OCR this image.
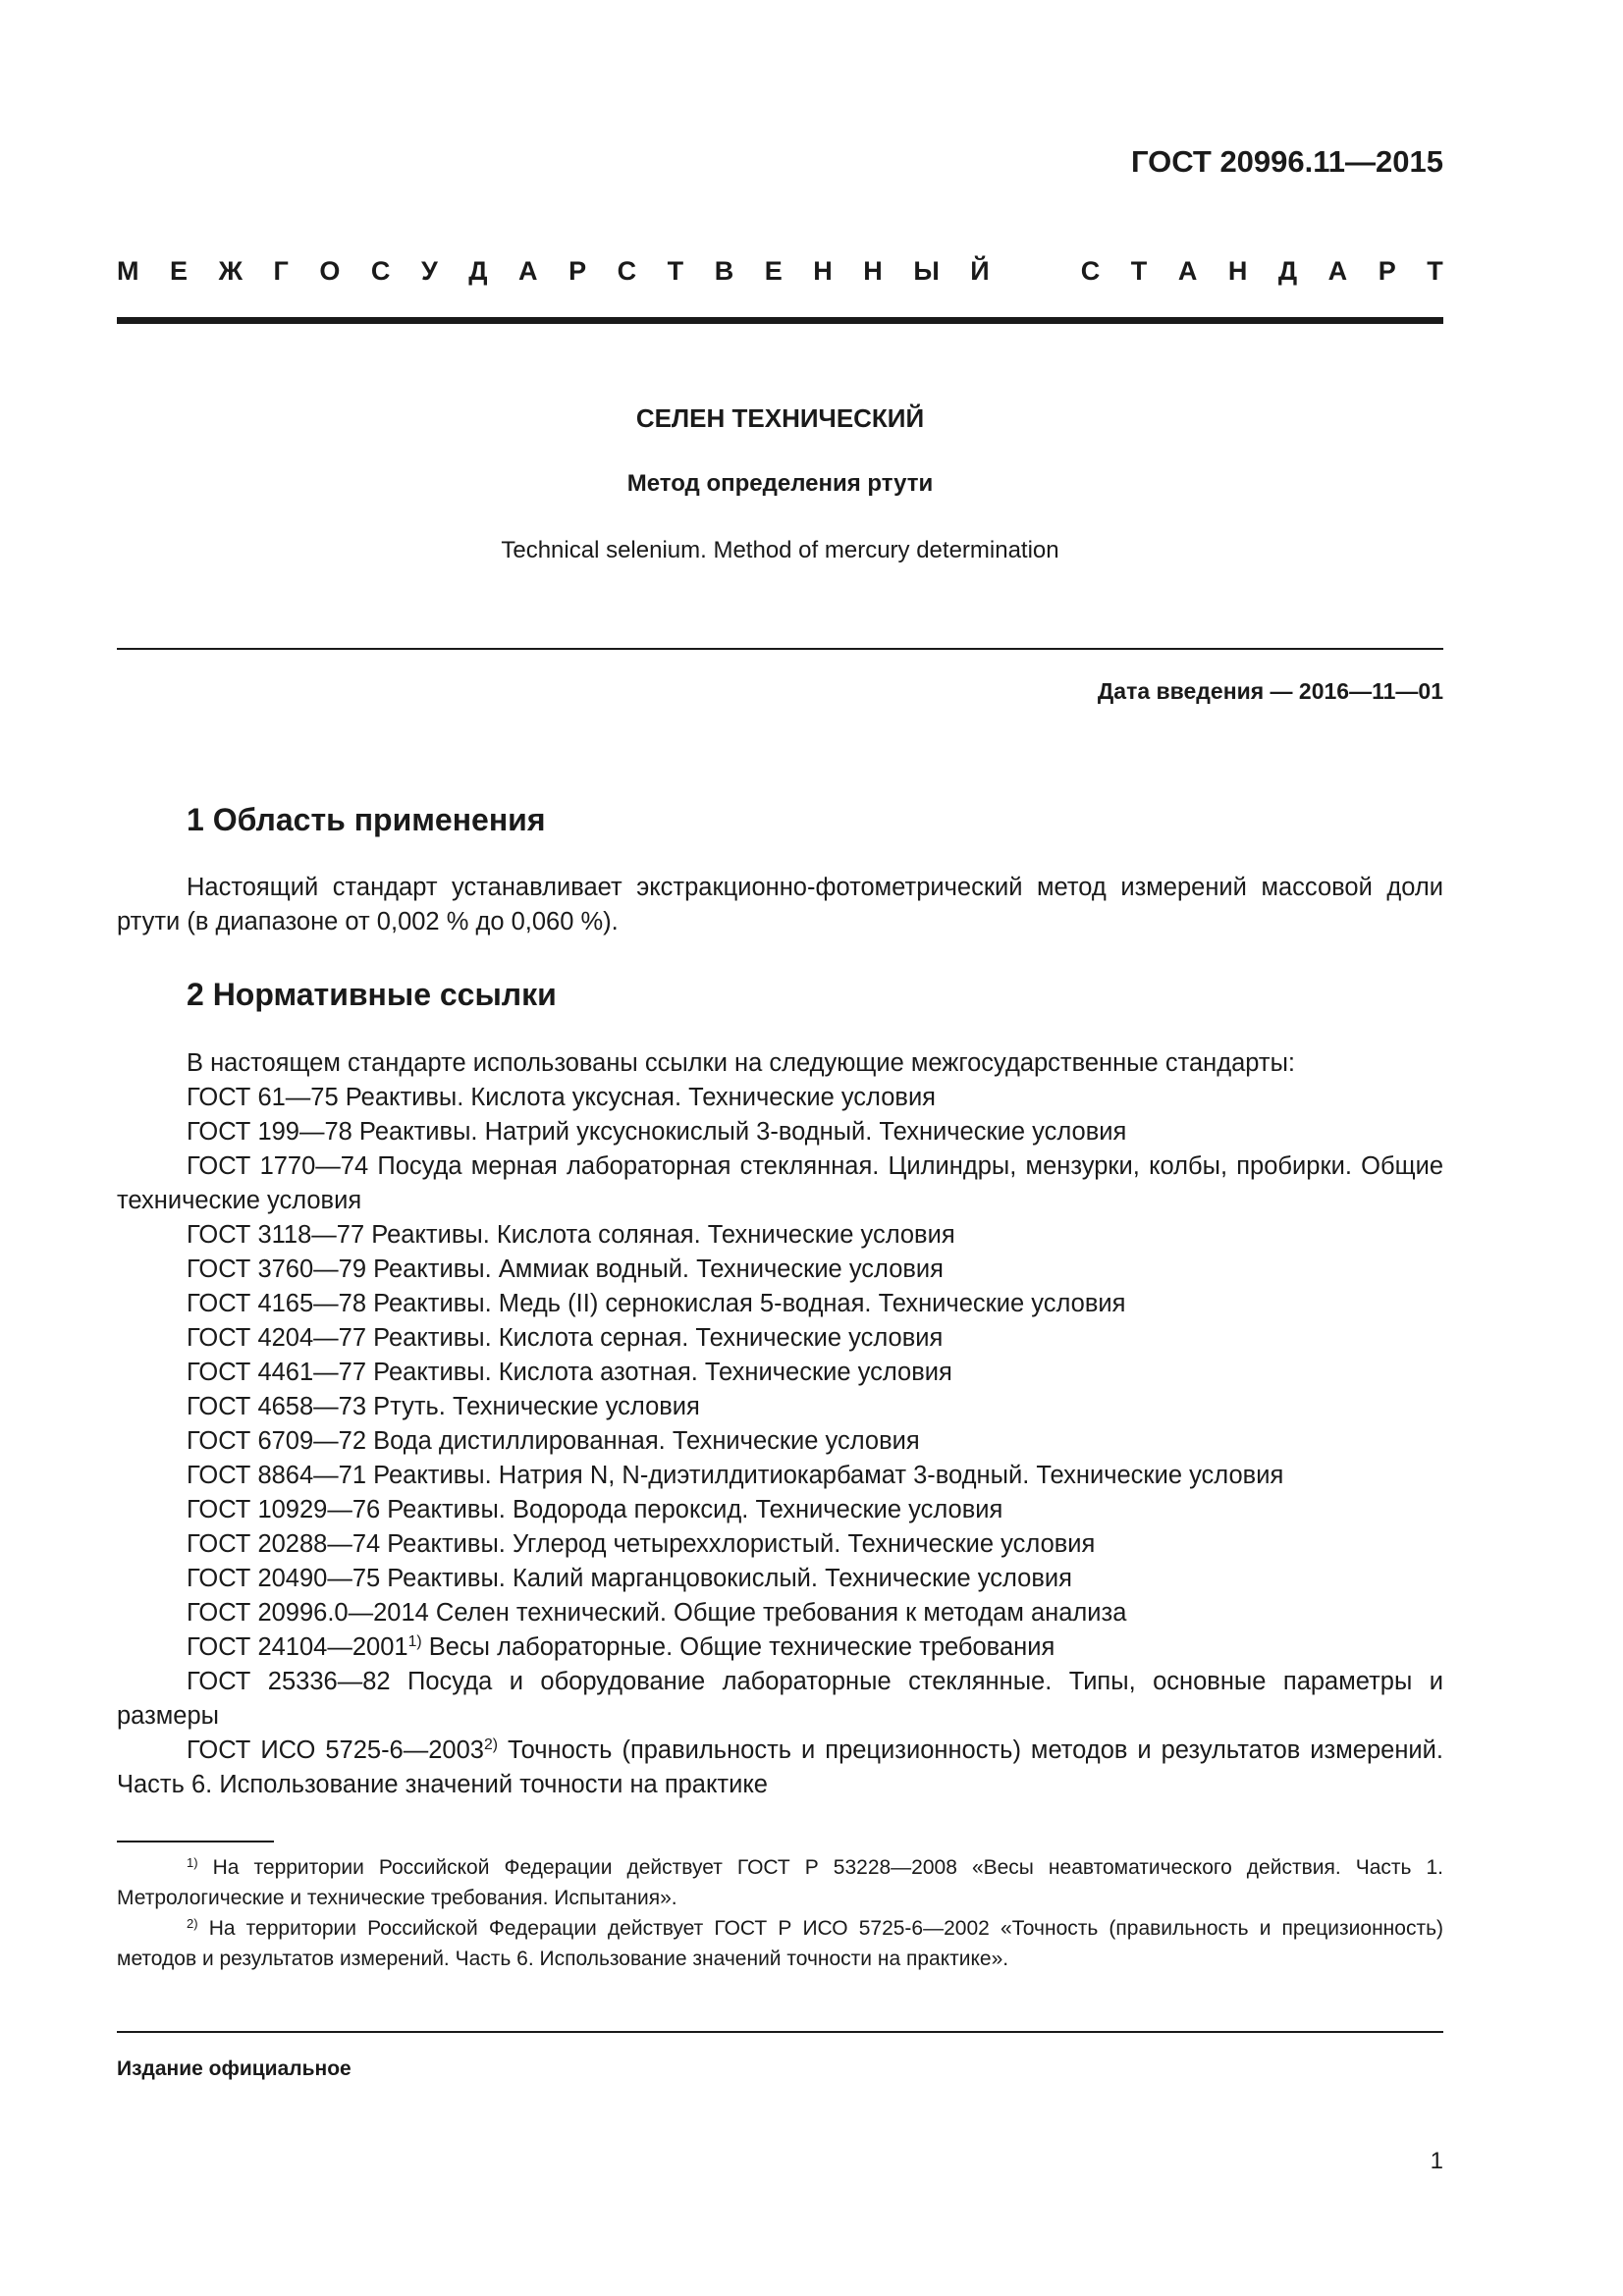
ГОСТ 20996.11—2015
М Е Ж Г О С У Д А Р С Т В Е Н Н Ы Й	С Т А Н Д А Р Т
СЕЛЕН ТЕХНИЧЕСКИЙ
Метод определения ртути
Technical selenium. Method of mercury determination
Дата введения — 2016—11—01
1 Область применения

Настоящий стандарт устанавливает экстракционно-фотометрический метод измерений массовой доли ртути (в диапазоне от 0,002 % до 0,060 %).

2 Нормативные ссылки

В настоящем стандарте использованы ссылки на следующие межгосударственные стандарты:

ГОСТ 61—75 Реактивы. Кислота уксусная. Технические условия

ГОСТ 199—78 Реактивы. Натрий уксуснокислый 3-водный. Технические условия

ГОСТ 1770—74 Посуда мерная лабораторная стеклянная. Цилиндры, мензурки, колбы, пробирки. Общие технические условия

ГОСТ 3118—77 Реактивы. Кислота соляная. Технические условия

ГОСТ 3760—79 Реактивы. Аммиак водный. Технические условия

ГОСТ 4165—78 Реактивы. Медь (II) сернокислая 5-водная. Технические условия

ГОСТ 4204—77 Реактивы. Кислота серная. Технические условия

ГОСТ 4461—77 Реактивы. Кислота азотная. Технические условия

ГОСТ 4658—73 Ртуть. Технические условия

ГОСТ 6709—72 Вода дистиллированная. Технические условия

ГОСТ 8864—71 Реактивы. Натрия N, N-диэтилдитиокарбамат 3-водный. Технические условия

ГОСТ 10929—76 Реактивы. Водорода пероксид. Технические условия

ГОСТ 20288—74 Реактивы. Углерод четыреххлористый. Технические условия

ГОСТ 20490—75 Реактивы. Калий марганцовокислый. Технические условия

ГОСТ 20996.0—2014 Селен технический. Общие требования к методам анализа

ГОСТ 24104—2001$^{1)}$ Весы лабораторные. Общие технические требования

ГОСТ 25336—82 Посуда и оборудование лабораторные стеклянные. Типы, основные параметры и размеры

ГОСТ ИСО 5725-6—2003$^{2)}$ Точность (правильность и прецизионность) методов и результатов измерений. Часть 6. Использование значений точности на практике

$^{1)}$ На территории Российской Федерации действует ГОСТ Р 53228—2008 «Весы неавтоматического действия. Часть 1. Метрологические и технические требования. Испытания».

$^{2)}$ На территории Российской Федерации действует ГОСТ Р ИСО 5725-6—2002 «Точность (правильность и прецизионность) методов и результатов измерений. Часть 6. Использование значений точности на практике».

Издание официальное
1
